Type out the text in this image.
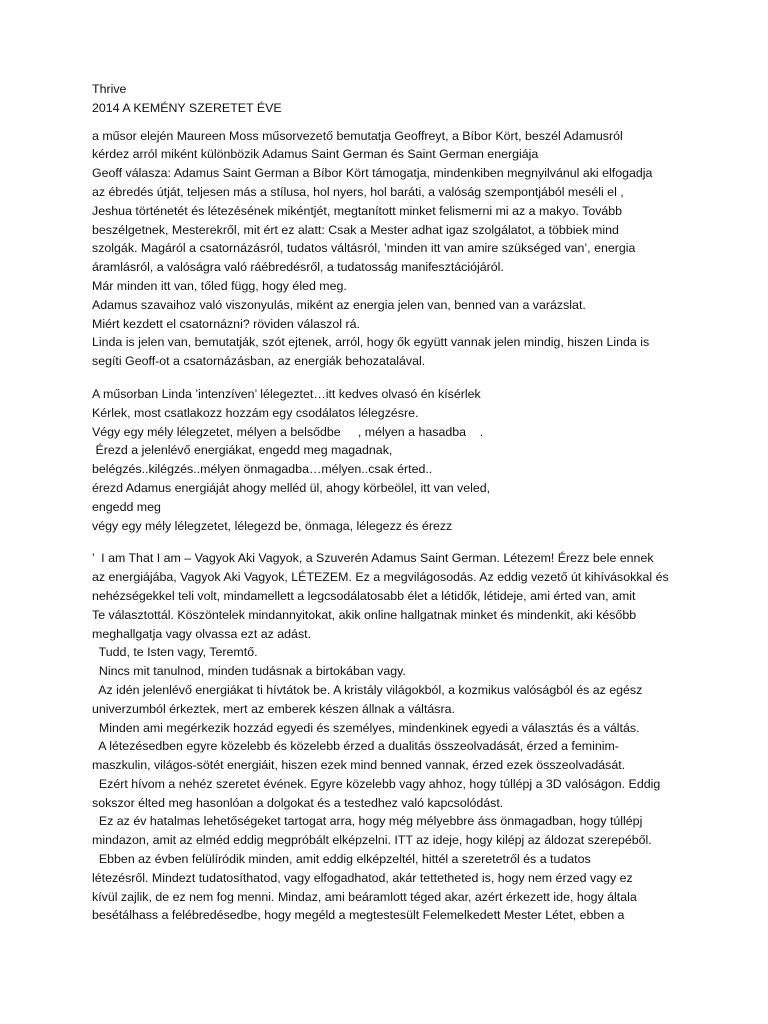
Thrive
2014 A KEMÉNY SZERETET ÉVE
a műsor elején Maureen Moss műsorvezető bemutatja Geoffreyt, a Bíbor Kört, beszél Adamusról
kérdez arról miként különbözik Adamus Saint German és Saint German energiája
Geoff válasza: Adamus Saint German a Bíbor Kört támogatja, mindenkiben megnyilvánul aki elfogadja
az ébredés útját, teljesen más a stílusa, hol nyers, hol baráti, a valóság szempontjából meséli el ,
Jeshua történetét és létezésének mikéntjét, megtanított minket felismerni mi az a makyo. Tovább
beszélgetnek, Mesterekről, mit ért ez alatt: Csak a Mester adhat igaz szolgálatot, a többiek mind
szolgák. Magáról a csatornázásról, tudatos váltásról, ’minden itt van amire szükséged van’, energia
áramlásról, a valóságra való ráébredésről, a tudatosság manifesztációjáról.
Már minden itt van, tőled függ, hogy éled meg.
Adamus szavaihoz való viszonyulás, miként az energia jelen van, benned van a varázslat.
Miért kezdett el csatornázni? röviden válaszol rá.
Linda is jelen van, bemutatják, szót ejtenek, arról, hogy ők együtt vannak jelen mindig, hiszen Linda is
segíti Geoff-ot a csatornázásban, az energiák behozatalával.
A műsorban Linda ’intenzíven’ lélegeztet…itt kedves olvasó én kísérlek
Kérlek, most csatlakozz hozzám egy csodálatos lélegzésre.
Végy egy mély lélegzetet, mélyen a belsődbe     , mélyen a hasadba    .
Érezd a jelenlévő energiákat, engedd meg magadnak,
belégzés..kilégzés..mélyen önmagadba…mélyen..csak érted..
érezd Adamus energiáját ahogy melléd ül, ahogy körbeölel, itt van veled,
engedd meg
végy egy mély lélegzetet, lélegezd be, önmaga, lélegezz és érezz
’  I am That I am – Vagyok Aki Vagyok, a Szuverén Adamus Saint German. Létezem! Érezz bele ennek
az energiájába, Vagyok Aki Vagyok, LÉTEZEM. Ez a megvilágosodás. Az eddig vezető út kihívásokkal és
nehézségekkel teli volt, mindamellett a legcsodálatosabb élet a létidők, létideje, ami érted van, amit
Te választottál. Köszöntelek mindannyitokat, akik online hallgatnak minket és mindenkit, aki később
meghallgatja vagy olvassa ezt az adást.
Tudd, te Isten vagy, Teremtő.
Nincs mit tanulnod, minden tudásnak a birtokában vagy.
Az idén jelenlévő energiákat ti hívtátok be. A kristály világokból, a kozmikus valóságból és az egész
univerzumból érkeztek, mert az emberek készen állnak a váltásra.
Minden ami megérkezik hozzád egyedi és személyes, mindenkinek egyedi a választás és a váltás.
A létezésedben egyre közelebb és közelebb érzed a dualitás összeolvadását, érzed a feminim-
maszkulin, világos-sötét energiáit, hiszen ezek mind benned vannak, érzed ezek összeolvadását.
Ezért hívom a nehéz szeretet évének. Egyre közelebb vagy ahhoz, hogy túllépj a 3D valóságon. Eddig
sokszor élted meg hasonlóan a dolgokat és a testedhez való kapcsolódást.
Ez az év hatalmas lehetőségeket tartogat arra, hogy még mélyebbre áss önmagadban, hogy túllépj
mindazon, amit az elméd eddig megpróbált elképzelni. ITT az ideje, hogy kilépj az áldozat szerepéből.
Ebben az évben felülíródik minden, amit eddig elképzeltél, hittél a szeretetről és a tudatos
létezésről. Mindezt tudatosíthatod, vagy elfogadhatod, akár tettetheted is, hogy nem érzed vagy ez
kívül zajlik, de ez nem fog menni. Mindaz, ami beáramlott téged akar, azért érkezett ide, hogy általa
besétálhass a felébredésedbe, hogy megéld a megtestesült Felemelkedett Mester Létet, ebben a
